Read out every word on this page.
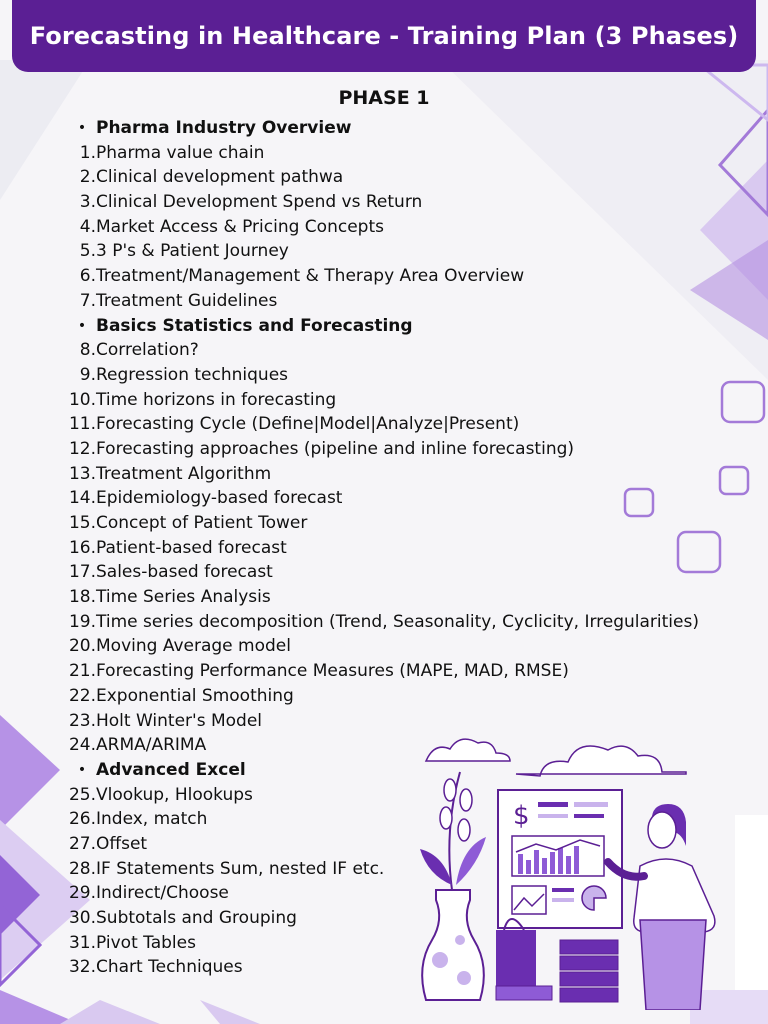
Forecasting in Healthcare - Training Plan (3 Phases)
PHASE 1
• Pharma Industry Overview
1. Pharma value chain
2. Clinical development pathwa
3. Clinical Development Spend vs Return
4. Market Access & Pricing Concepts
5. 3 P's & Patient Journey
6. Treatment/Management & Therapy Area Overview
7. Treatment Guidelines
• Basics Statistics and Forecasting
8. Correlation?
9. Regression techniques
10. Time horizons in forecasting
11. Forecasting Cycle (Define|Model|Analyze|Present)
12. Forecasting approaches (pipeline and inline forecasting)
13. Treatment Algorithm
14. Epidemiology-based forecast
15. Concept of Patient Tower
16. Patient-based forecast
17. Sales-based forecast
18. Time Series Analysis
19. Time series decomposition (Trend, Seasonality, Cyclicity, Irregularities)
20. Moving Average model
21. Forecasting Performance Measures (MAPE, MAD, RMSE)
22. Exponential Smoothing
23. Holt Winter's Model
24. ARMA/ARIMA
• Advanced Excel
25. Vlookup, Hlookups
26. Index, match
27. Offset
28. IF Statements Sum, nested IF etc.
29. Indirect/Choose
30. Subtotals and Grouping
31. Pivot Tables
32. Chart Techniques
$
